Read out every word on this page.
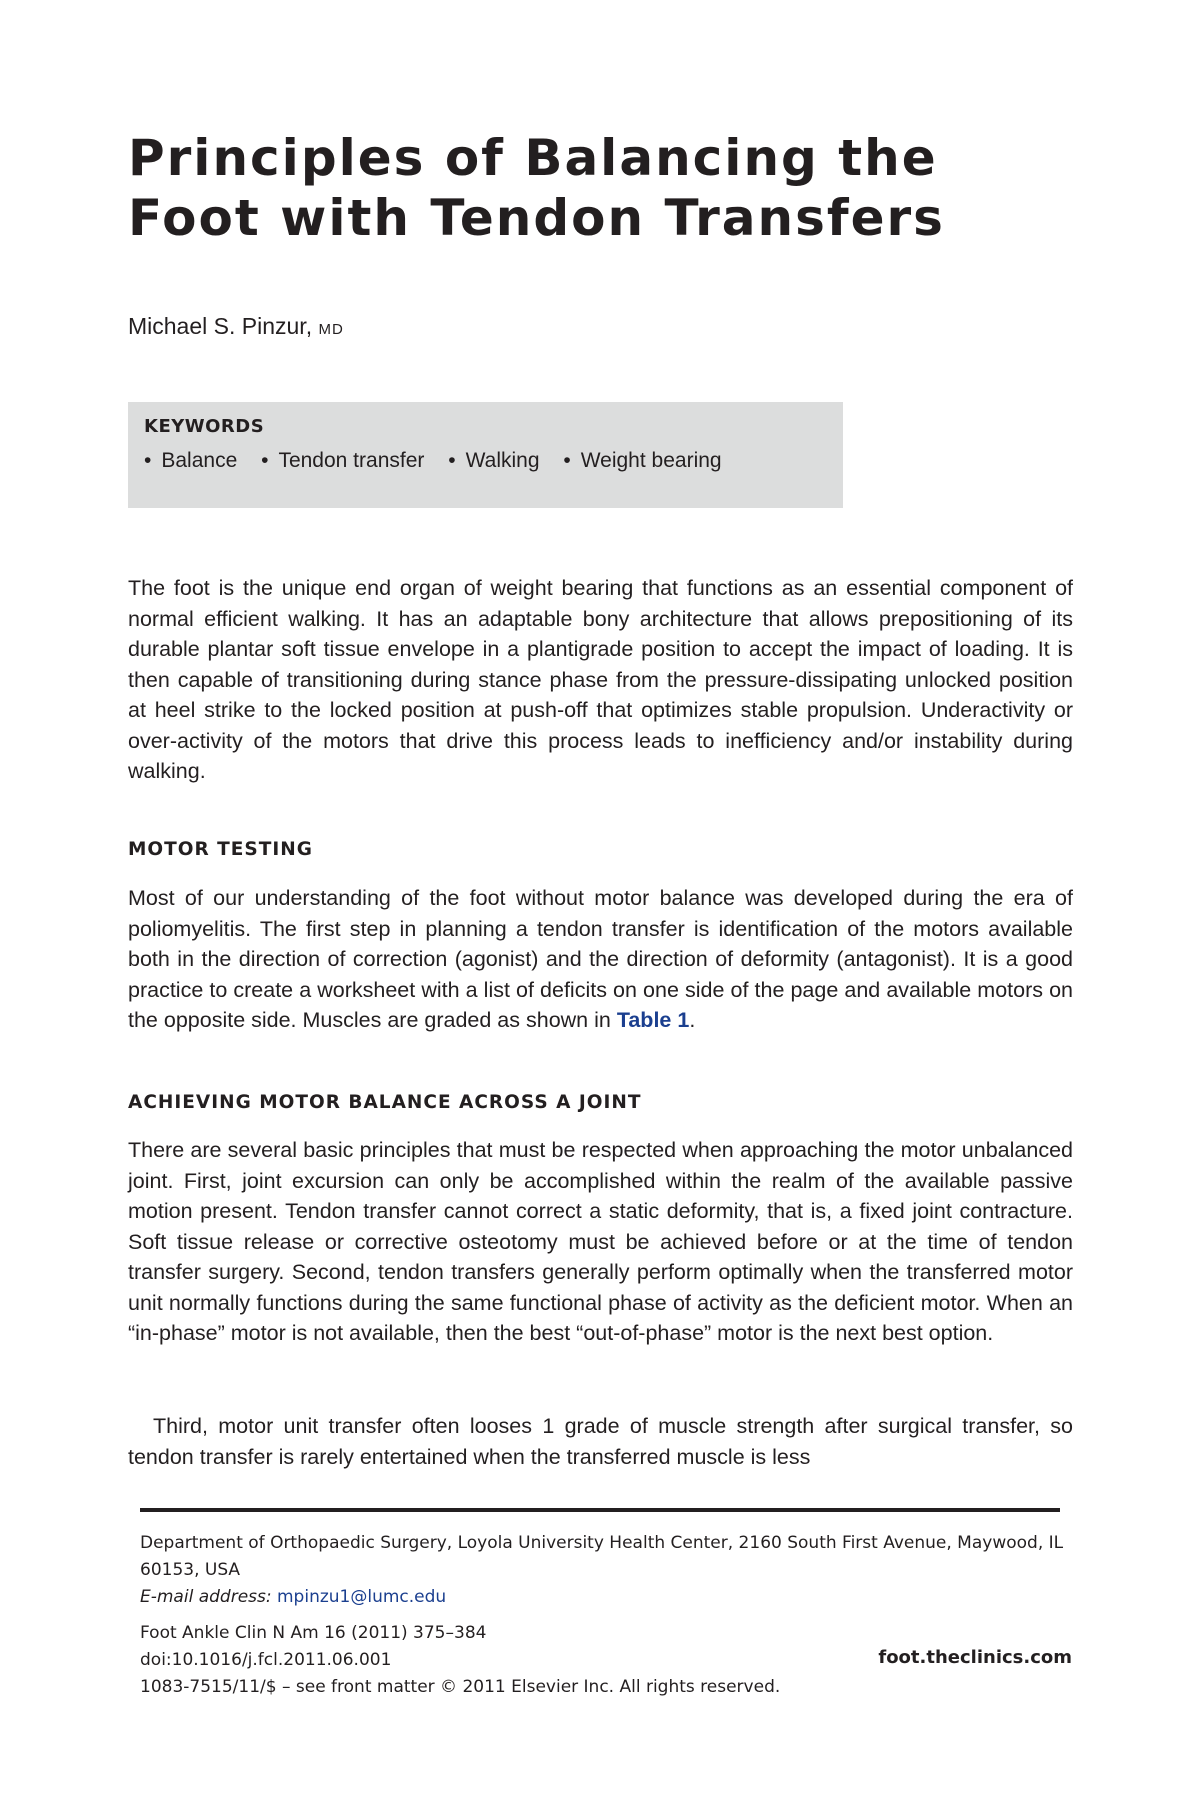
Principles of Balancing the
Foot with Tendon Transfers
Michael S. Pinzur, MD
KEYWORDS
• Balance • Tendon transfer • Walking • Weight bearing

The foot is the unique end organ of weight bearing that functions as an essential component of normal efficient walking. It has an adaptable bony architecture that allows prepositioning of its durable plantar soft tissue envelope in a plantigrade position to accept the impact of loading. It is then capable of transitioning during stance phase from the pressure-dissipating unlocked position at heel strike to the locked position at push-off that optimizes stable propulsion. Underactivity or over-activity of the motors that drive this process leads to inefficiency and/or instability during walking.

MOTOR TESTING

Most of our understanding of the foot without motor balance was developed during the era of poliomyelitis. The first step in planning a tendon transfer is identification of the motors available both in the direction of correction (agonist) and the direction of deformity (antagonist). It is a good practice to create a worksheet with a list of deficits on one side of the page and available motors on the opposite side. Muscles are graded as shown in Table 1.

ACHIEVING MOTOR BALANCE ACROSS A JOINT

There are several basic principles that must be respected when approaching the motor unbalanced joint. First, joint excursion can only be accomplished within the realm of the available passive motion present. Tendon transfer cannot correct a static deformity, that is, a fixed joint contracture. Soft tissue release or corrective osteotomy must be achieved before or at the time of tendon transfer surgery. Second, tendon transfers generally perform optimally when the transferred motor unit normally functions during the same functional phase of activity as the deficient motor. When an “in-phase” motor is not available, then the best “out-of-phase” motor is the next best option.

Third, motor unit transfer often looses 1 grade of muscle strength after surgical transfer, so tendon transfer is rarely entertained when the transferred muscle is less

Department of Orthopaedic Surgery, Loyola University Health Center, 2160 South First Avenue, Maywood, IL 60153, USA
E-mail address: mpinzu1@lumc.edu
Foot Ankle Clin N Am 16 (2011) 375–384
doi:10.1016/j.fcl.2011.06.001
1083-7515/11/$ – see front matter © 2011 Elsevier Inc. All rights reserved.
foot.theclinics.com
